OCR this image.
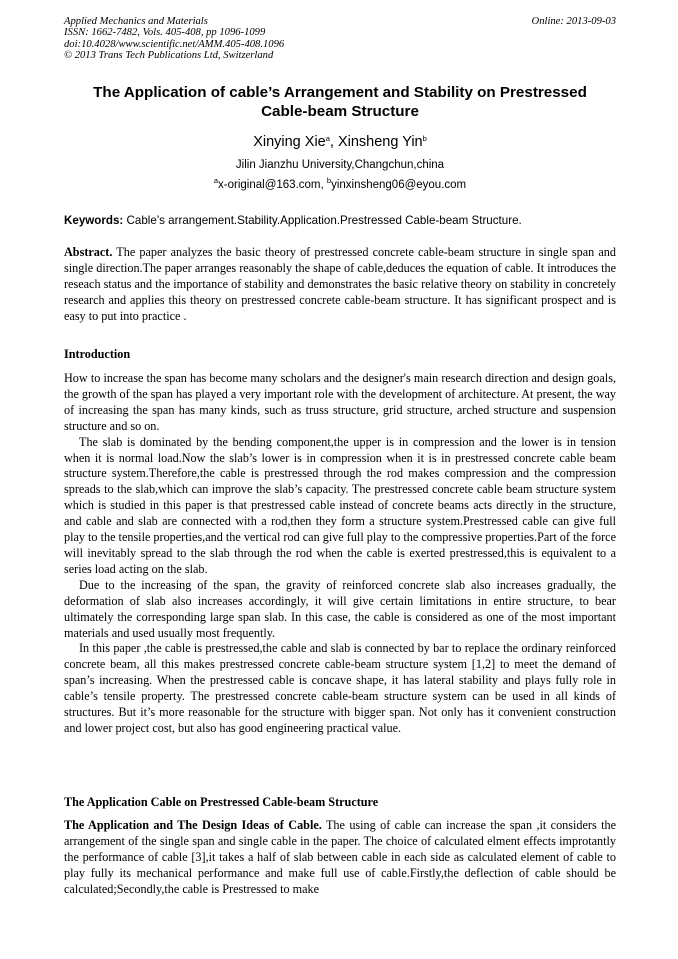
Applied Mechanics and Materials
ISSN: 1662-7482, Vols. 405-408, pp 1096-1099
doi:10.4028/www.scientific.net/AMM.405-408.1096
© 2013 Trans Tech Publications Ltd, Switzerland
Online: 2013-09-03
The Application of cable’s Arrangement and Stability on Prestressed
Cable-beam Structure
Xinying Xie$^a$, Xinsheng Yin$^b$
Jilin Jianzhu University,Changchun,china
$^a$x-original@163.com, $^b$yinxinsheng06@eyou.com
Keywords: Cable’s arrangement.Stability.Application.Prestressed Cable-beam Structure.

Abstract. The paper analyzes the basic theory of prestressed concrete cable-beam structure in single span and single direction.The paper arranges reasonably the shape of cable,deduces the equation of cable. It introduces the reseach status and the importance of stability and demonstrates the basic relative theory on stability in concretely research and applies this theory on prestressed concrete cable-beam structure. It has significant prospect and is easy to put into practice .

Introduction

How to increase the span has become many scholars and the designer's main research direction and design goals, the growth of the span has played a very important role with the development of architecture. At present, the way of increasing the span has many kinds, such as truss structure, grid structure, arched structure and suspension structure and so on.

The slab is dominated by the bending component,the upper is in compression and the lower is in tension when it is normal load.Now the slab’s lower is in compression when it is in prestressed concrete cable beam structure system.Therefore,the cable is prestressed through the rod makes compression and the compression spreads to the slab,which can improve the slab’s capacity. The prestressed concrete cable beam structure system which is studied in this paper is that prestressed cable instead of concrete beams acts directly in the structure, and cable and slab are connected with a rod,then they form a structure system.Prestressed cable can give full play to the tensile properties,and the vertical rod can give full play to the compressive properties.Part of the force will inevitably spread to the slab through the rod when the cable is exerted prestressed,this is equivalent to a series load acting on the slab.

Due to the increasing of the span, the gravity of reinforced concrete slab also increases gradually, the deformation of slab also increases accordingly, it will give certain limitations in entire structure, to bear ultimately the corresponding large span slab. In this case, the cable is considered as one of the most important materials and used usually most frequently.

In this paper ,the cable is prestressed,the cable and slab is connected by bar to replace the ordinary reinforced concrete beam, all this makes prestressed concrete cable-beam structure system [1,2] to meet the demand of span’s increasing. When the prestressed cable is concave shape, it has lateral stability and plays fully role in cable’s tensile property. The prestressed concrete cable-beam structure system can be used in all kinds of structures. But it’s more reasonable for the structure with bigger span. Not only has it convenient construction and lower project cost, but also has good engineering practical value.

The Application Cable on Prestressed Cable-beam Structure

The Application and The Design Ideas of Cable. The using of cable can increase the span ,it considers the arrangement of the single span and single cable in the paper. The choice of calculated elment effects improtantly the performance of cable [3],it takes a half of slab between cable in each side as calculated element of cable to play fully its mechanical performance and make full use of cable.Firstly,the deflection of cable should be calculated;Secondly,the cable is Prestressed to make
